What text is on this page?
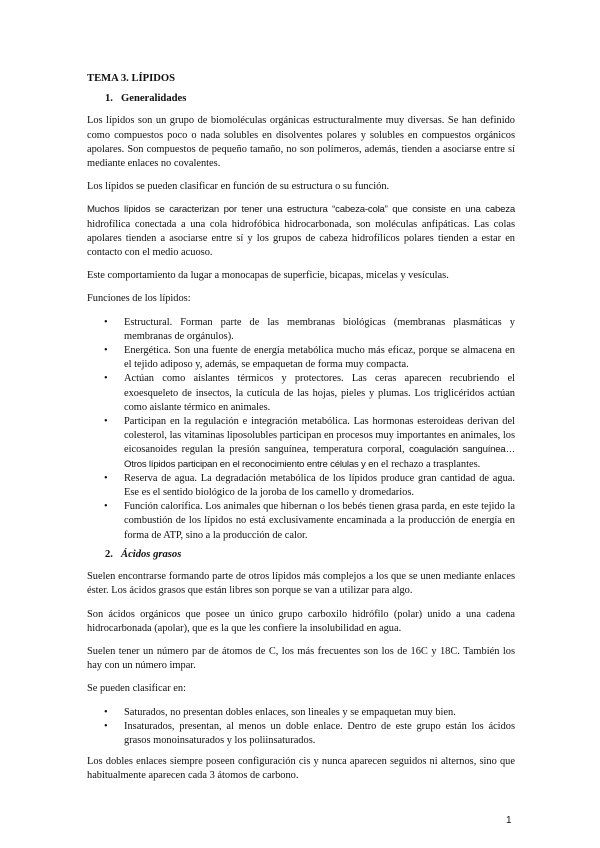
TEMA 3. LÍPIDOS
1. Generalidades

Los lípidos son un grupo de biomoléculas orgánicas estructuralmente muy diversas. Se han definido como compuestos poco o nada solubles en disolventes polares y solubles en compuestos orgánicos apolares. Son compuestos de pequeño tamaño, no son polímeros, además, tienden a asociarse entre sí mediante enlaces no covalentes.

Los lípidos se pueden clasificar en función de su estructura o su función.

Muchos lípidos se caracterizan por tener una estructura “cabeza-cola” que consiste en una cabeza hidrofílica conectada a una cola hidrofóbica hidrocarbonada, son moléculas anfipáticas. Las colas apolares tienden a asociarse entre sí y los grupos de cabeza hidrofílicos polares tienden a estar en contacto con el medio acuoso.

Este comportamiento da lugar a monocapas de superficie, bicapas, micelas y vesículas.

Funciones de los lípidos:

• Estructural. Forman parte de las membranas biológicas (membranas plasmáticas y membranas de orgánulos).
• Energética. Son una fuente de energía metabólica mucho más eficaz, porque se almacena en el tejido adiposo y, además, se empaquetan de forma muy compacta.
• Actúan como aislantes térmicos y protectores. Las ceras aparecen recubriendo el exoesqueleto de insectos, la cutícula de las hojas, pieles y plumas. Los triglicéridos actúan como aislante térmico en animales.
• Participan en la regulación e integración metabólica. Las hormonas esteroideas derivan del colesterol, las vitaminas liposolubles participan en procesos muy importantes en animales, los eicosanoides regulan la presión sanguínea, temperatura corporal, coagulación sanguínea… Otros lípidos participan en el reconocimiento entre células y en el rechazo a trasplantes.
• Reserva de agua. La degradación metabólica de los lípidos produce gran cantidad de agua. Ese es el sentido biológico de la joroba de los camello y dromedarios.
• Función calorífica. Los animales que hibernan o los bebés tienen grasa parda, en este tejido la combustión de los lípidos no está exclusivamente encaminada a la producción de energía en forma de ATP, sino a la producción de calor.
2. Ácidos grasos

Suelen encontrarse formando parte de otros lípidos más complejos a los que se unen mediante enlaces éster. Los ácidos grasos que están libres son porque se van a utilizar para algo.

Son ácidos orgánicos que posee un único grupo carboxilo hidrófilo (polar) unido a una cadena hidrocarbonada (apolar), que es la que les confiere la insolubilidad en agua.

Suelen tener un número par de átomos de C, los más frecuentes son los de 16C y 18C. También los hay con un número impar.

Se pueden clasificar en:

• Saturados, no presentan dobles enlaces, son lineales y se empaquetan muy bien.
• Insaturados, presentan, al menos un doble enlace. Dentro de este grupo están los ácidos grasos monoinsaturados y los poliinsaturados.

Los dobles enlaces siempre poseen configuración cis y nunca aparecen seguidos ni alternos, sino que habitualmente aparecen cada 3 átomos de carbono.

1
